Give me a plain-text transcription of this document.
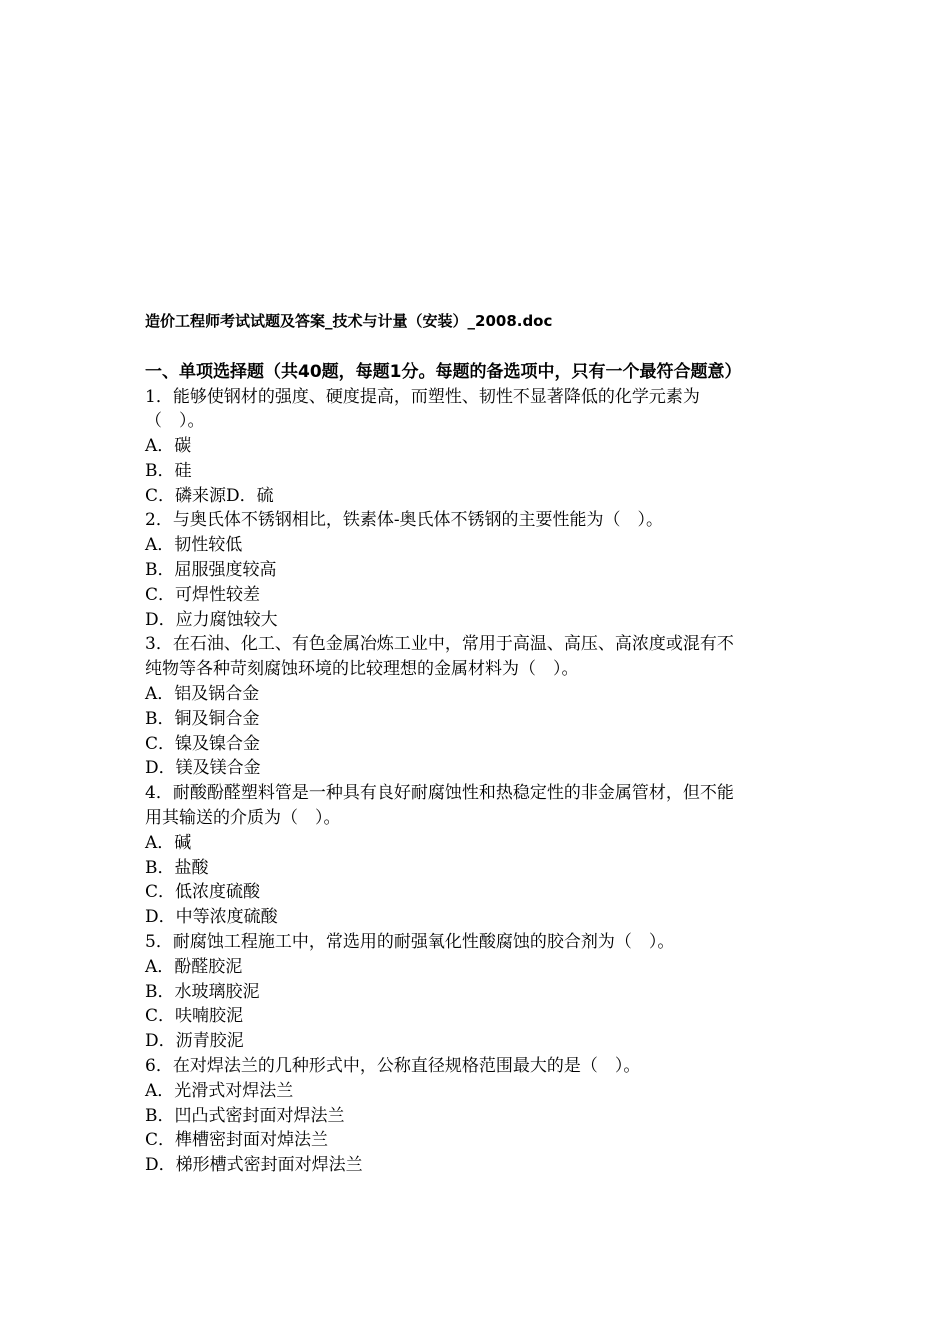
造价工程师考试试题及答案_技术与计量（安装）_2008.doc
一、单项选择题（共40题，每题1分。每题的备选项中，只有一个最符合题意）
1．能够使钢材的强度、硬度提高，而塑性、韧性不显著降低的化学元素为
（　）。
A．碳
B．硅
C．磷来源D．硫
2．与奥氏体不锈钢相比，铁素体-奥氏体不锈钢的主要性能为（　）。
A．韧性较低
B．屈服强度较高
C．可焊性较差
D．应力腐蚀较大
3．在石油、化工、有色金属冶炼工业中，常用于高温、高压、高浓度或混有不
纯物等各种苛刻腐蚀环境的比较理想的金属材料为（　）。
A．铝及锅合金
B．铜及铜合金
C．镍及镍合金
D．镁及镁合金
4．耐酸酚醛塑料管是一种具有良好耐腐蚀性和热稳定性的非金属管材，但不能
用其输送的介质为（　）。
A．碱
B．盐酸
C．低浓度硫酸
D．中等浓度硫酸
5．耐腐蚀工程施工中，常选用的耐强氧化性酸腐蚀的胶合剂为（　）。
A．酚醛胶泥
B．水玻璃胶泥
C．呋喃胶泥
D．沥青胶泥
6．在对焊法兰的几种形式中，公称直径规格范围最大的是（　）。
A．光滑式对焊法兰
B．凹凸式密封面对焊法兰
C．榫槽密封面对焯法兰
D．梯形槽式密封面对焊法兰
